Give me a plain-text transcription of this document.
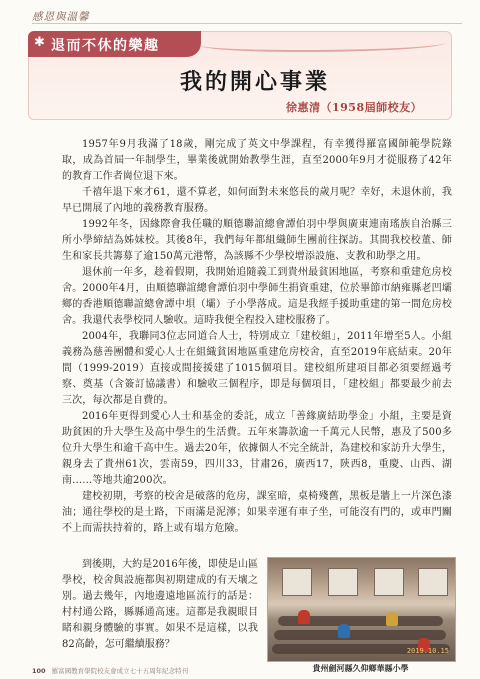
感恩與溫馨
✱ 退而不休的樂趣
我的開心事業
徐惠清（1958屆師校友）

1957年9月我滿了18歲，剛完成了英文中學課程，有幸獲得羅富國師範學院錄取，成為首屆一年制學生，畢業後就開始教學生涯，直至2000年9月才從服務了42年的教育工作者崗位退下來。

千禧年退下來才61，還不算老，如何面對未來悠長的歲月呢？幸好，未退休前，我早已開展了內地的義務教育服務。

1992年冬，因緣際會我任職的順德聯誼總會譚伯羽中學與廣東連南瑤族自治縣三所小學締結為姊妹校。其後8年，我們每年都組織師生團前往探訪。其間我校校董、師生和家長共籌募了逾150萬元港幣，為該縣不少學校增添設施、支教和助學之用。

退休前一年多，趁着假期，我開始追隨義工到貴州最貧困地區，考察和重建危房校舍。2000年4月，由順德聯誼總會譚伯羽中學師生捐資重建，位於畢節市納雍縣老凹壩鄉的香港順德聯誼總會譚中垻（壩）子小學落成。這是我經手援助重建的第一間危房校舍。我還代表學校同人驗收。這時我便全程投入建校服務了。

2004年，我聯同3位志同道合人士，特別成立「建校組」，2011年增至5人。小組義務為慈善團體和愛心人士在組織貧困地區重建危房校舍，直至2019年底結束。20年間（1999-2019）直接或間接援建了1015個項目。建校組所建項目都必須要經過考察、奠基（含簽訂協議書）和驗收三個程序，即是每個項目，「建校組」都要最少前去三次，每次都是自費的。

2016年更得到愛心人士和基金的委託，成立「善緣廣結助學金」小組，主要是資助貧困的升大學生及高中學生的生活費。五年來籌款逾一千萬元人民幣，惠及了500多位升大學生和逾千高中生。過去20年，依據個人不完全統計，為建校和家訪升大學生，親身去了貴州61次，雲南59，四川33，甘肅26，廣西17，陝西8，重慶、山西、湖南……等地共逾200次。

建校初期，考察的校舍是破落的危房，課室暗，桌椅殘舊，黑板是牆上一片深色漆油；通往學校的是土路，下雨滿是泥濘；如果幸運有車子坐，可能沒有門的，或車門關不上而需扶持着的，路上或有塌方危險。

到後期，大約是2016年後，即使是山區學校，校舍與設施都與初期建成的有天壤之別。過去幾年，內地邊遠地區流行的話是：村村通公路，縣縣通高速。這都是我親眼目睹和親身體驗的事實。如果不是這樣，以我82高齡，怎可繼續服務？

2019.10.15
貴州劍河縣久仰鄉華縣小學
100 羅富國教育學院校友會成立七十五周年紀念特刊
